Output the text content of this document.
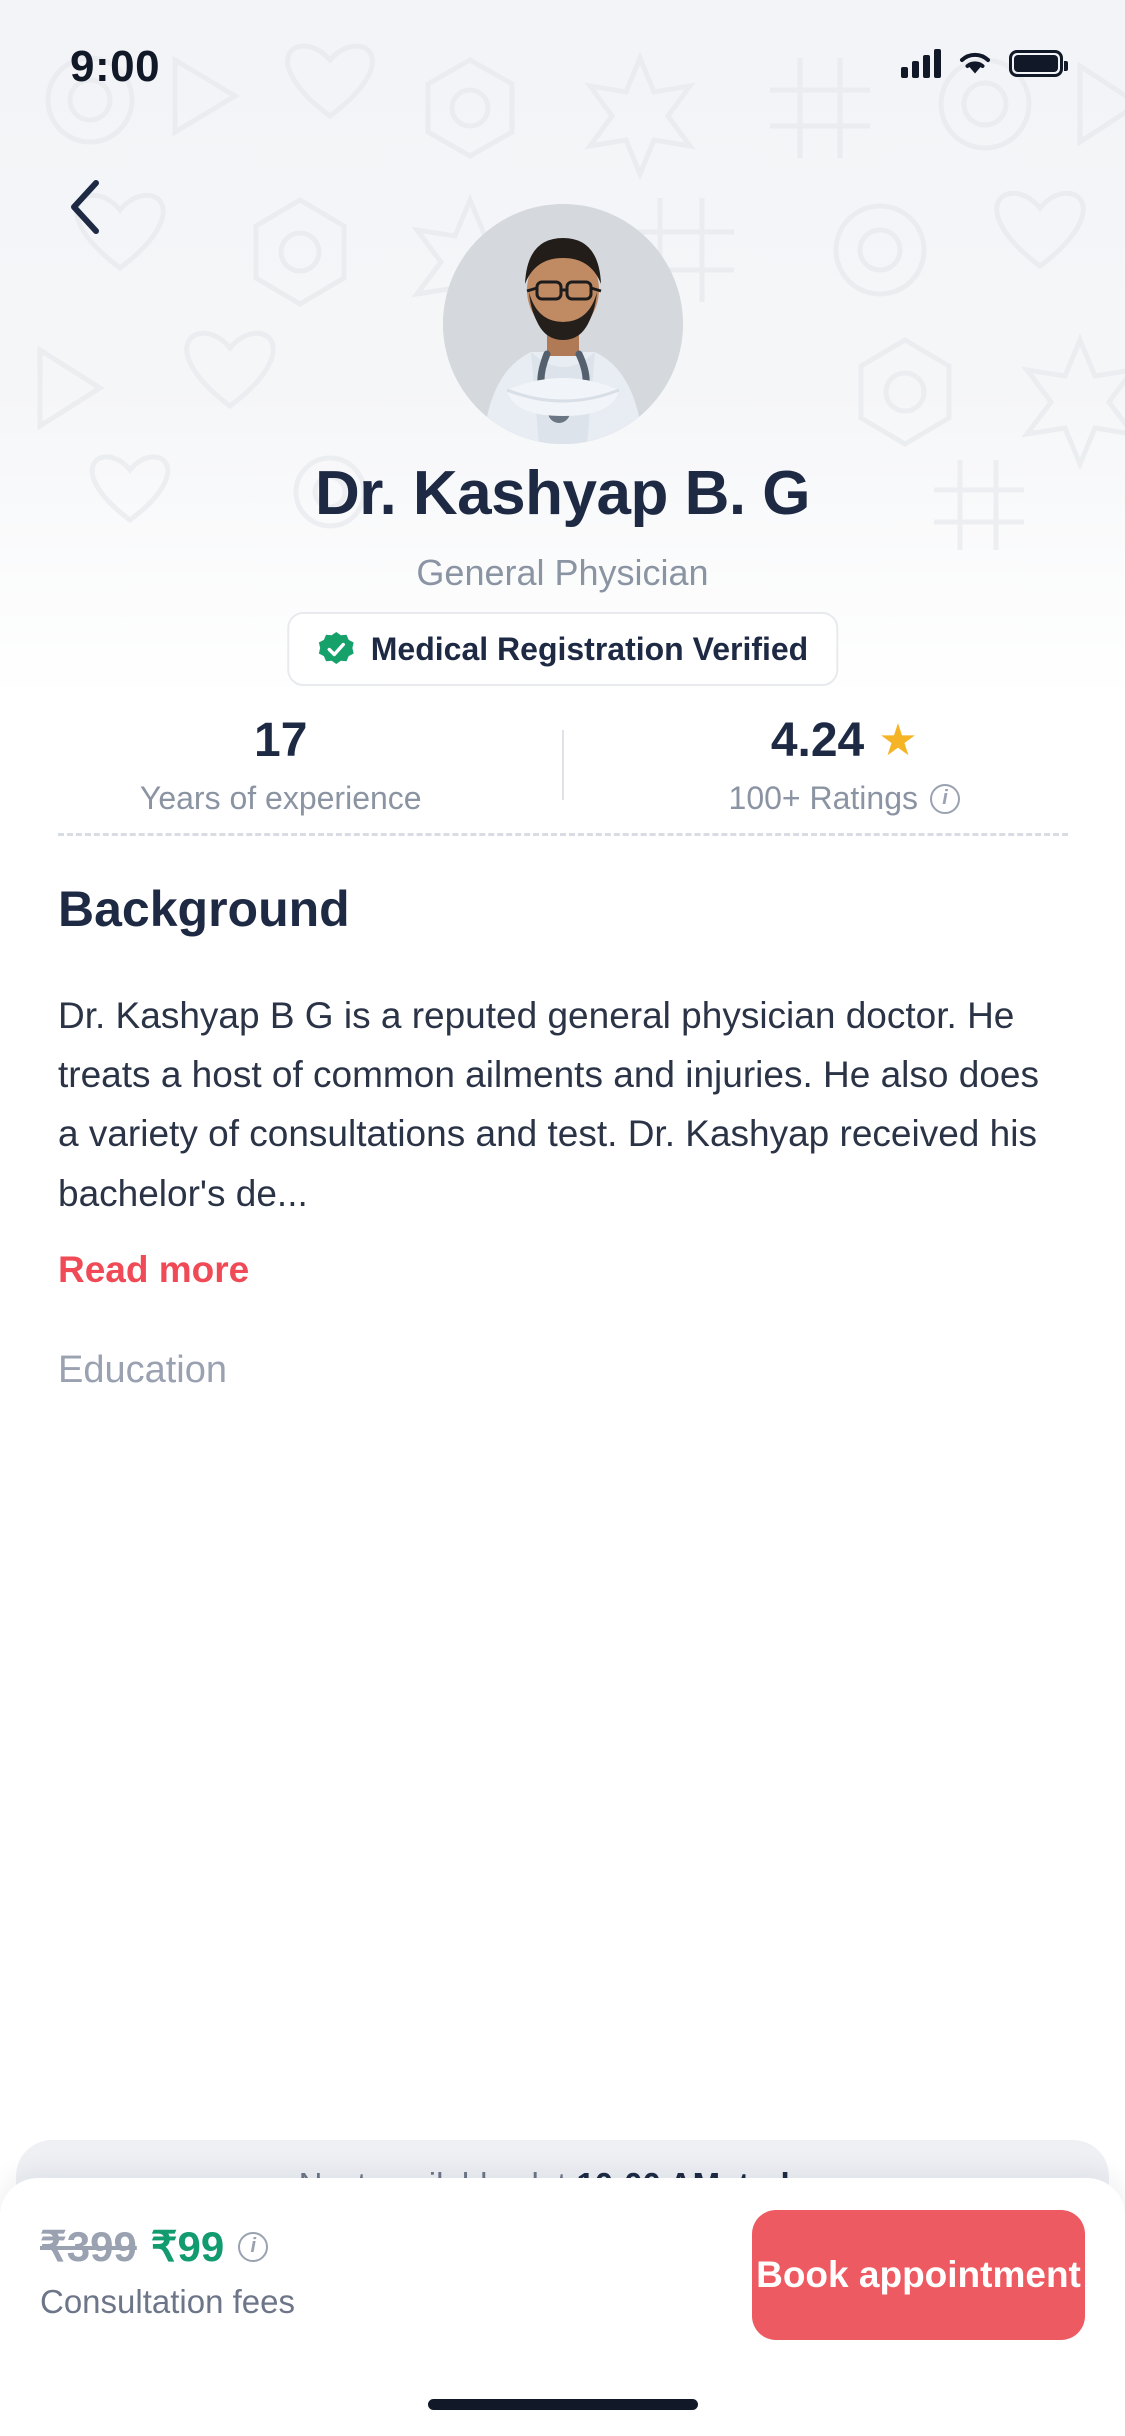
9:00
Dr. Kashyap B. G
General Physician
Medical Registration Verified
17
Years of experience
4.24 ★
100+ Ratings	i
Background
Dr. Kashyap B G is a reputed general physician doctor. He treats a host of common ailments and injuries. He also does a variety of consultations and test. Dr. Kashyap received his bachelor's de...
Read more
Education
₹399 ₹99	i
Consultation fees
Book appointment
